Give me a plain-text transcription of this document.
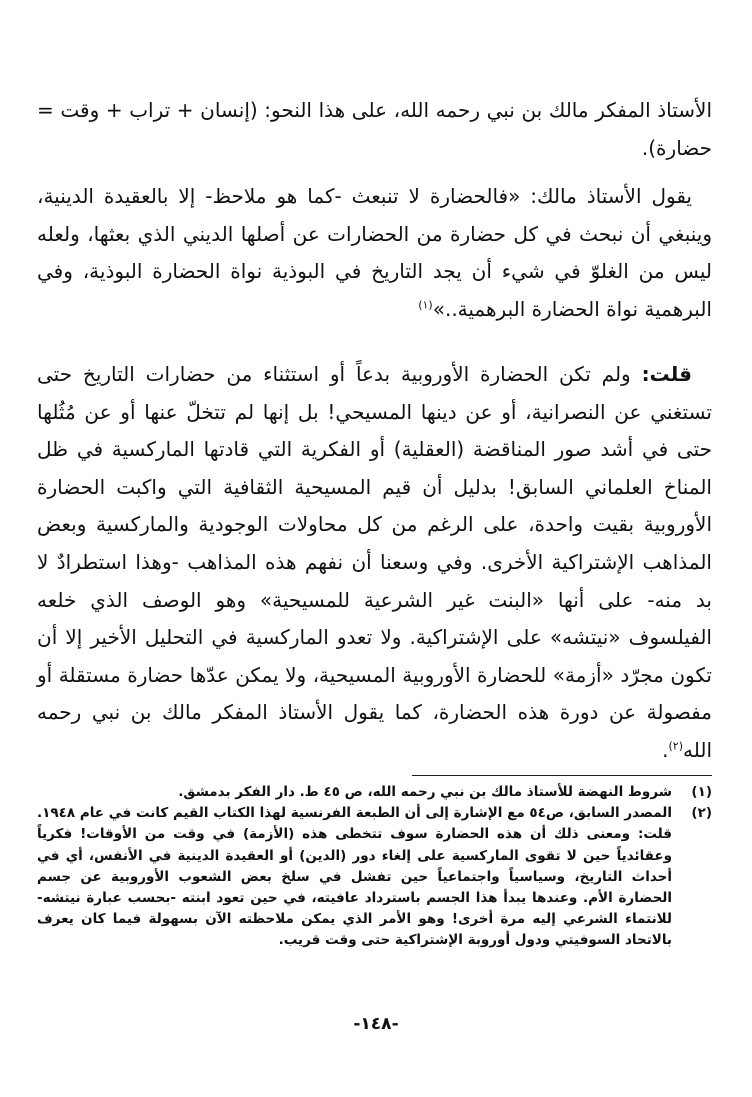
الأستاذ المفكر مالك بن نبي رحمه الله، على هذا النحو: (إنسان + تراب + وقت = حضارة).

 يقول الأستاذ مالك: «فالحضارة لا تنبعث -كما هو ملاحظ- إلا بالعقيدة الدينية، وينبغي أن نبحث في كل حضارة من الحضارات عن أصلها الديني الذي بعثها، ولعله ليس من الغلوّ في شيء أن يجد التاريخ في البوذية نواة الحضارة البوذية، وفي البرهمية نواة الحضارة البرهمية..»$^{(١)}$

 قلت: ولم تكن الحضارة الأوروبية بدعاً أو استثناء من حضارات التاريخ حتى تستغني عن النصرانية، أو عن دينها المسيحي! بل إنها لم تتخلّ عنها أو عن مُثُلها حتى في أشد صور المناقضة (العقلية) أو الفكرية التي قادتها الماركسية في ظل المناخ العلماني السابق! بدليل أن قيم المسيحية الثقافية التي واكبت الحضارة الأوروبية بقيت واحدة، على الرغم من كل محاولات الوجودية والماركسية وبعض المذاهب الإشتراكية الأخرى. وفي وسعنا أن نفهم هذه المذاهب -وهذا استطرادٌ لا بد منه- على أنها «البنت غير الشرعية للمسيحية» وهو الوصف الذي خلعه الفيلسوف «نيتشه» على الإشتراكية. ولا تعدو الماركسية في التحليل الأخير إلا أن تكون مجرّد «أزمة» للحضارة الأوروبية المسيحية، ولا يمكن عدّها حضارة مستقلة أو مفصولة عن دورة هذه الحضارة، كما يقول الأستاذ المفكر مالك بن نبي رحمه الله$^{(٢)}$.

(١)
شروط النهضة للأستاذ مالك بن نبي رحمه الله، ص ٤٥ ط. دار الفكر بدمشق.
(٢)
المصدر السابق، ص٥٤ مع الإشارة إلى أن الطبعة الفرنسية لهذا الكتاب القيم كانت في عام ١٩٤٨. قلت: ومعنى ذلك أن هذه الحضارة سوف تتخطى هذه (الأزمة) في وقت من الأوقات! فكرياً وعقائدياً حين لا تقوى الماركسية على إلغاء دور (الدين) أو العقيدة الدينية في الأنفس، أي في أحداث التاريخ، وسياسياً واجتماعياً حين تفشل في سلخ بعض الشعوب الأوروبية عن جسم الحضارة الأم. وعندها يبدأ هذا الجسم باسترداد عافيته، في حين تعود ابنته -بحسب عبارة نيتشه- للانتماء الشرعي إليه مرة أخرى! وهو الأمر الذي يمكن ملاحظته الآن بسهولة فيما كان يعرف بالاتحاد السوفيتي ودول أوروبة الإشتراكية حتى وقت قريب.
-١٤٨-
